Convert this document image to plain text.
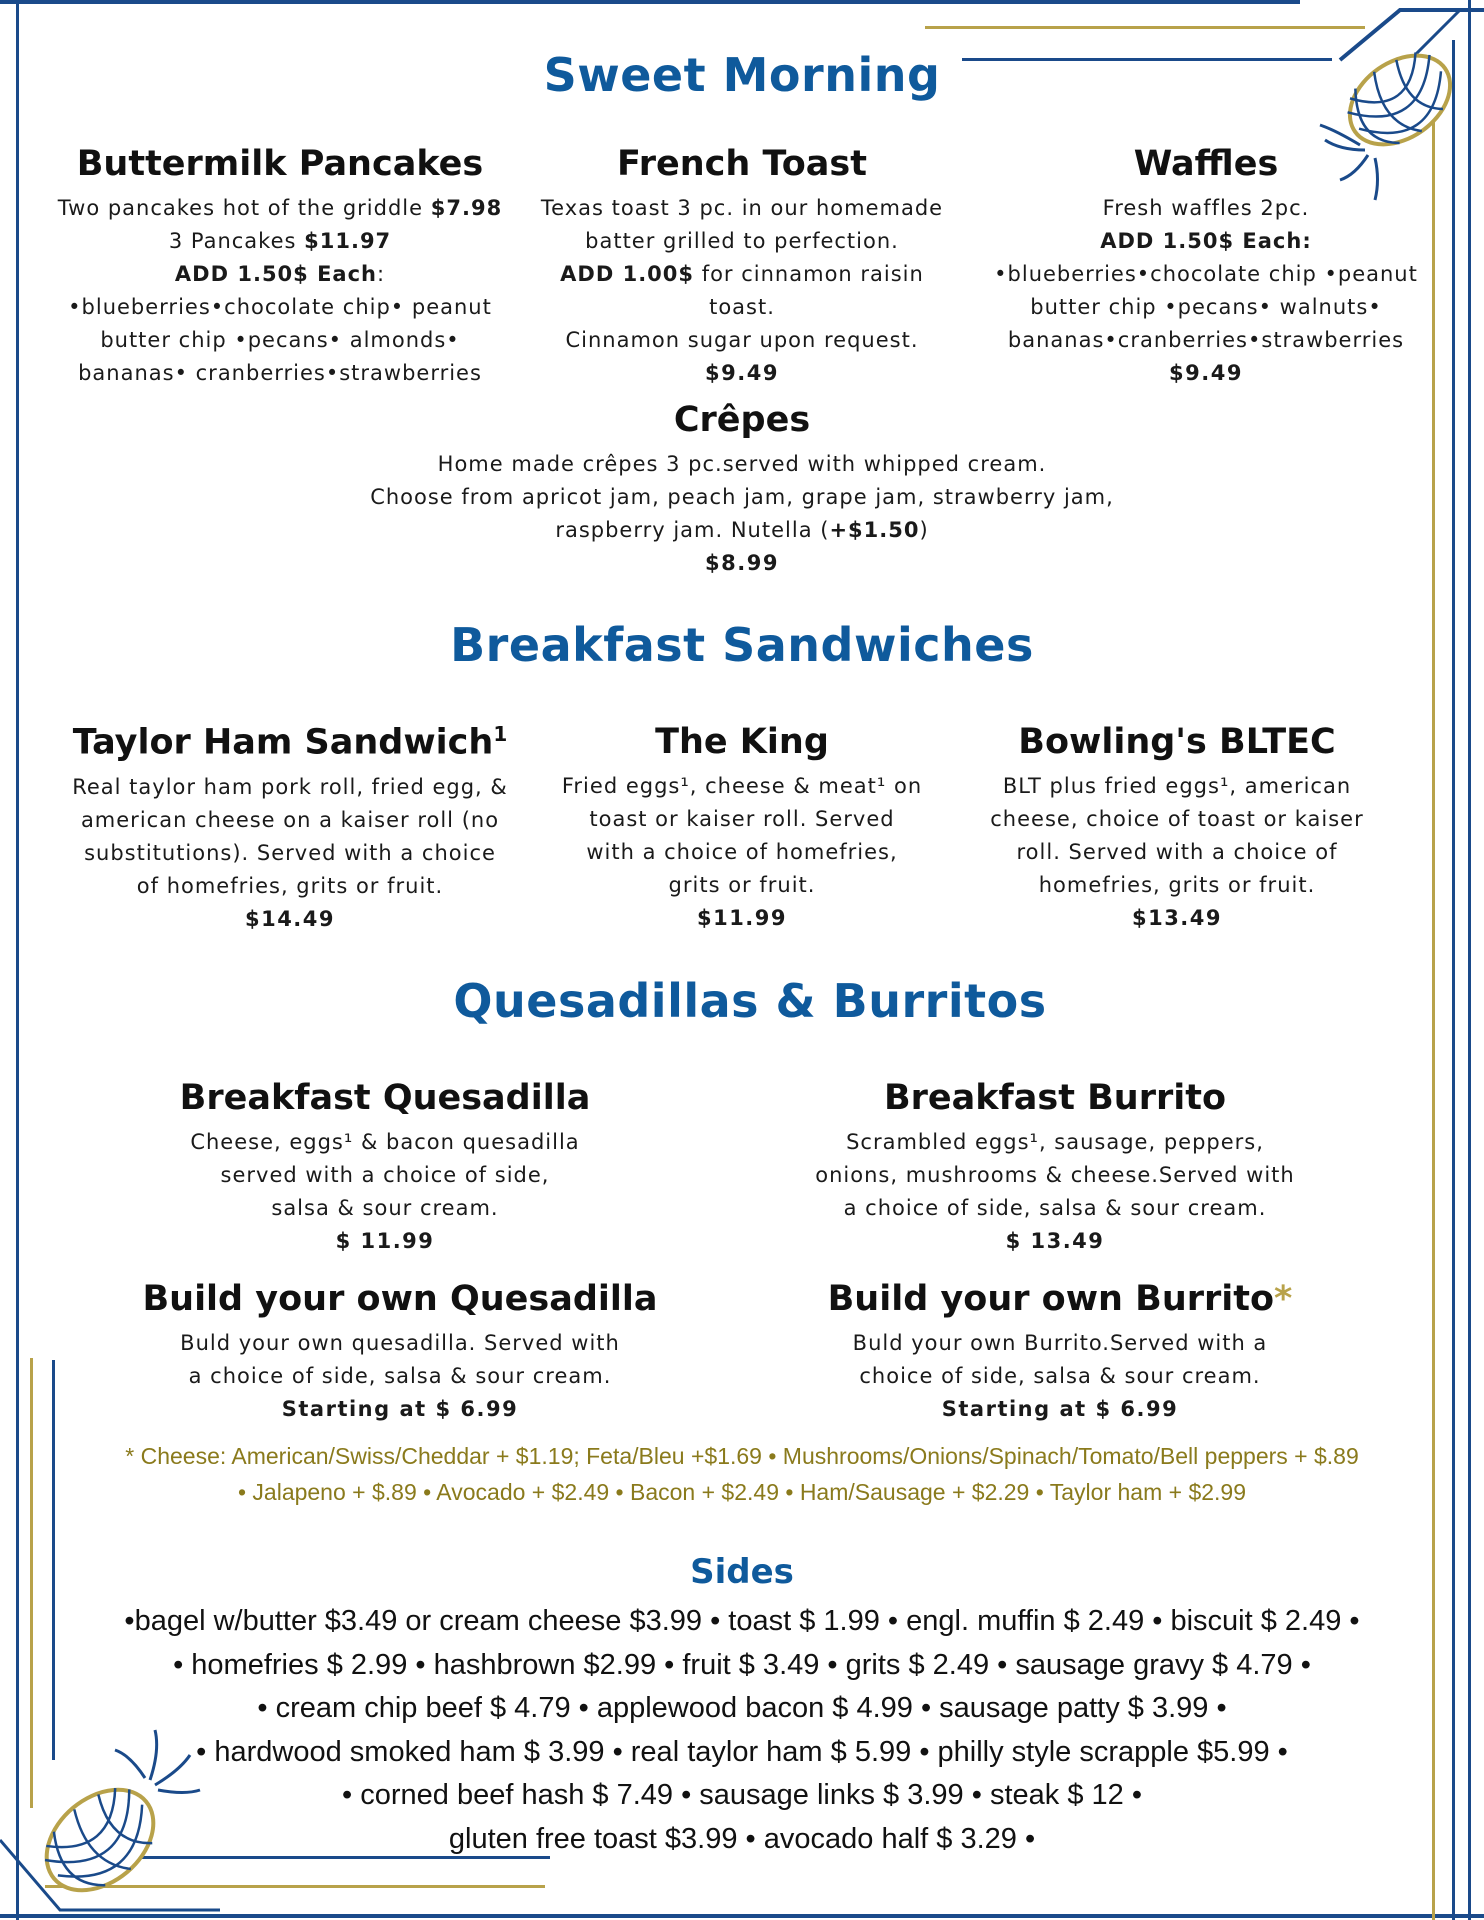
Sweet Morning
Buttermilk Pancakes
Two pancakes hot of the griddle $7.98
3 Pancakes $11.97
ADD 1.50$ Each:
•blueberries•chocolate chip• peanut
butter chip •pecans• almonds•
bananas• cranberries•strawberries
French Toast
Texas toast 3 pc. in our homemade
batter grilled to perfection.
ADD 1.00$ for cinnamon raisin
toast.
Cinnamon sugar upon request.
$9.49
Waffles
Fresh waffles 2pc.
ADD 1.50$ Each:
•blueberries•chocolate chip •peanut
butter chip •pecans• walnuts•
bananas•cranberries•strawberries
$9.49
Crêpes
Home made crêpes 3 pc.served with whipped cream.
Choose from apricot jam, peach jam, grape jam, strawberry jam,
raspberry jam. Nutella (+$1.50)
$8.99
Breakfast Sandwiches
Taylor Ham Sandwich$^1$
Real taylor ham pork roll, fried egg, &
american cheese on a kaiser roll (no
substitutions). Served with a choice
of homefries, grits or fruit.
$14.49
The King
Fried eggs¹, cheese & meat¹ on
toast or kaiser roll. Served
with a choice of homefries,
grits or fruit.
$11.99
Bowling's BLTEC
BLT plus fried eggs¹, american
cheese, choice of toast or kaiser
roll. Served with a choice of
homefries, grits or fruit.
$13.49
Quesadillas & Burritos
Breakfast Quesadilla
Cheese, eggs¹ & bacon quesadilla
served with a choice of side,
salsa & sour cream.
$ 11.99
Breakfast Burrito
Scrambled eggs¹, sausage, peppers,
onions, mushrooms & cheese.Served with
a choice of side, salsa & sour cream.
$ 13.49
Build your own Quesadilla
Buld your own quesadilla. Served with
a choice of side, salsa & sour cream.
Starting at $ 6.99
Build your own Burrito*
Buld your own Burrito.Served with a
choice of side, salsa & sour cream.
Starting at $ 6.99
* Cheese: American/Swiss/Cheddar + $1.19; Feta/Bleu +$1.69 • Mushrooms/Onions/Spinach/Tomato/Bell peppers + $.89
• Jalapeno + $.89 • Avocado + $2.49 • Bacon + $2.49 • Ham/Sausage + $2.29 • Taylor ham + $2.99
Sides
•bagel w/butter $3.49 or cream cheese $3.99 • toast $ 1.99 • engl. muffin $ 2.49 • biscuit $ 2.49 •
• homefries $ 2.99 • hashbrown $2.99 • fruit $ 3.49 • grits $ 2.49 • sausage gravy $ 4.79 •
• cream chip beef $ 4.79 • applewood bacon $ 4.99 • sausage patty $ 3.99 •
• hardwood smoked ham $ 3.99 • real taylor ham $ 5.99 • philly style scrapple $5.99 •
• corned beef hash $ 7.49 • sausage links $ 3.99 • steak $ 12 •
gluten free toast $3.99 • avocado half $ 3.29 •
